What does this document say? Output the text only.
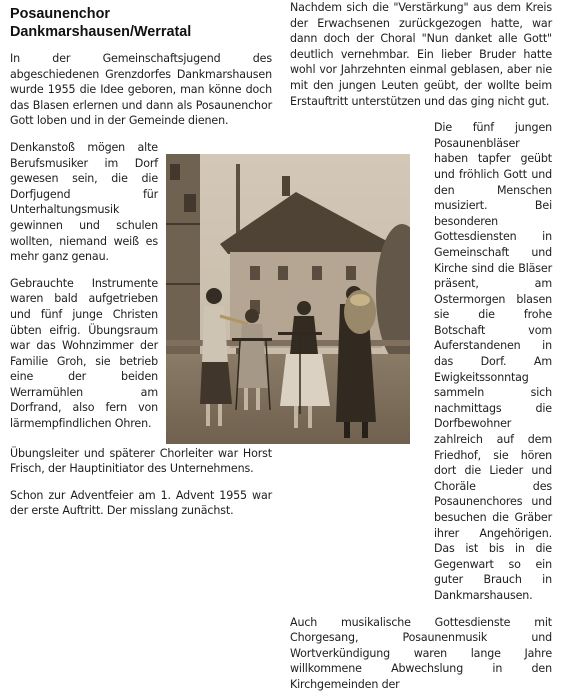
Posaunenchor
Dankmarshausen/Werratal

In der Gemeinschaftsjugend des abgeschiedenen Grenzdorfes Dankmarshausen wurde 1955 die Idee geboren, man könne doch das Blasen erlernen und dann als Posaunenchor Gott loben und in der Gemeinde dienen.

Denkanstoß mögen alte Berufsmusiker im Dorf gewesen sein, die die Dorfjugend für Unterhaltungsmusik gewinnen und schulen wollten, niemand weiß es mehr ganz genau.

Gebrauchte Instrumente waren bald aufgetrieben und fünf junge Christen übten eifrig. Übungsraum war das Wohnzimmer der Familie Groh, sie betrieb eine der beiden Werramühlen am Dorfrand, also fern von lärmempfindlichen Ohren.

Übungsleiter und späterer Chorleiter war Horst Frisch, der Hauptinitiator des Unternehmens.

Schon zur Adventfeier am 1. Advent 1955 war der erste Auftritt. Der misslang zunächst.

Nachdem sich die "Verstärkung" aus dem Kreis der Erwachsenen zurückgezogen hatte, war dann doch der Choral "Nun danket alle Gott" deutlich vernehmbar. Ein lieber Bruder hatte wohl vor Jahrzehnten einmal geblasen, aber nie mit den jungen Leuten geübt, der wollte beim Erstauftritt unterstützen und das ging nicht gut.

Die fünf jungen Posaunenbläser haben tapfer geübt und fröhlich Gott und den Menschen musiziert. Bei besonderen Gottesdiensten in Gemeinschaft und Kirche sind die Bläser präsent, am Ostermorgen blasen sie die frohe Botschaft vom Auferstandenen in das Dorf. Am Ewigkeitssonntag sammeln sich nachmittags die Dorfbewohner zahlreich auf dem Friedhof, sie hören dort die Lieder und Choräle des Posaunenchores und besuchen die Gräber ihrer Angehörigen. Das ist bis in die Gegenwart so ein guter Brauch in Dankmarshausen.

Auch musikalische Gottesdienste mit Chorgesang, Posaunenmusik und Wortverkündigung waren lange Jahre willkommene Abwechslung in den Kirchgemeinden der
